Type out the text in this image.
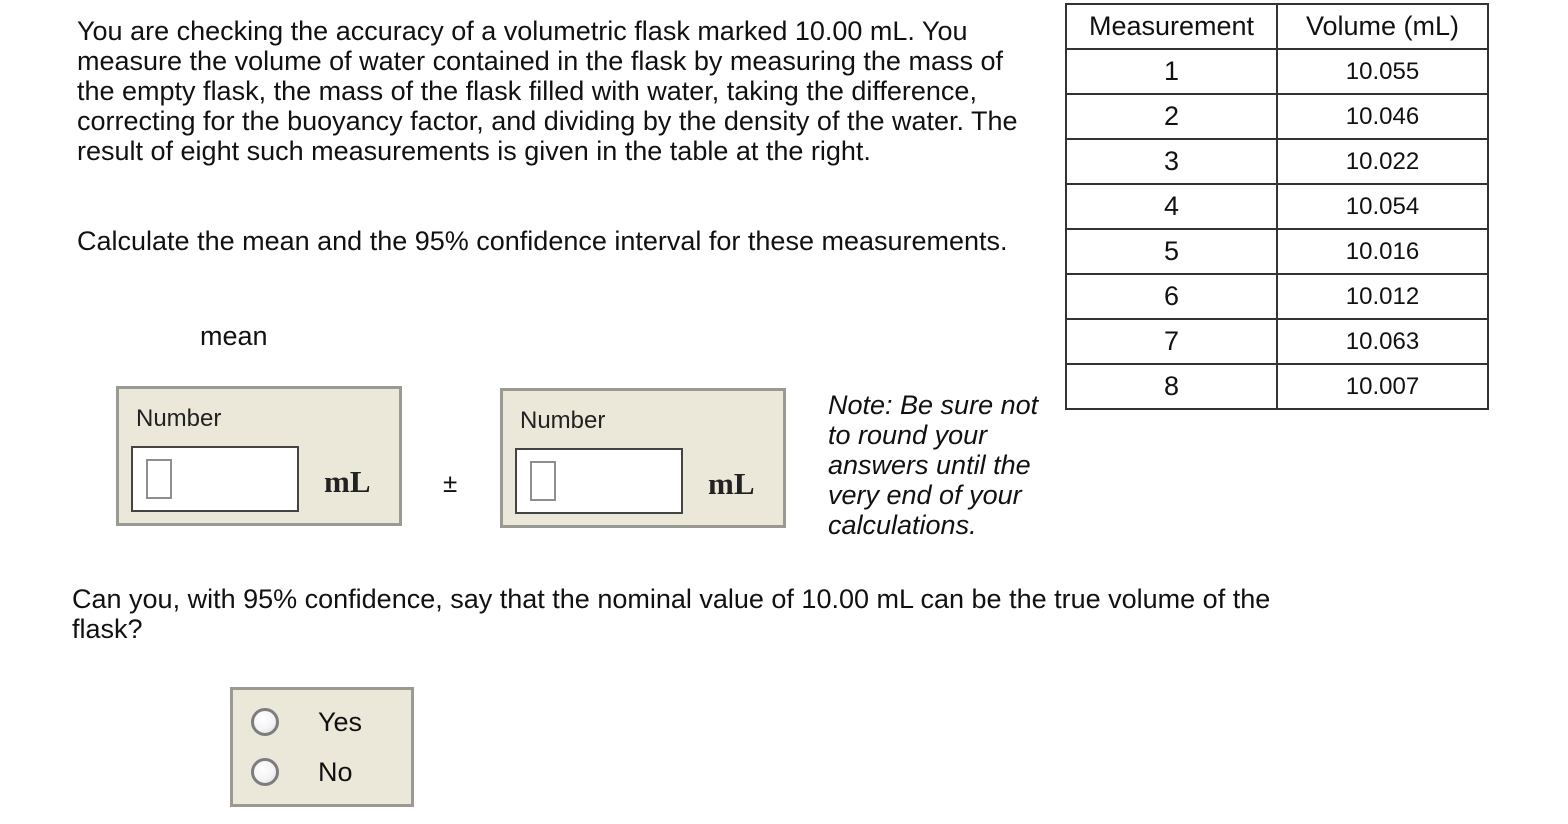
You are checking the accuracy of a volumetric flask marked 10.00 mL. You measure the volume of water contained in the flask by measuring the mass of the empty flask, the mass of the flask filled with water, taking the difference, correcting for the buoyancy factor, and dividing by the density of the water. The result of eight such measurements is given in the table at the right.

Calculate the mean and the 95% confidence interval for these measurements.

mean
Number
mL	±
Number
mL

Note: Be sure not to round your answers until the very end of your calculations.

Measurement	Volume (mL)
1	10.055
2	10.046
3	10.022
4	10.054
5	10.016
6	10.012
7	10.063
8	10.007

Can you, with 95% confidence, say that the nominal value of 10.00 mL can be the true volume of the flask?

Yes
No
